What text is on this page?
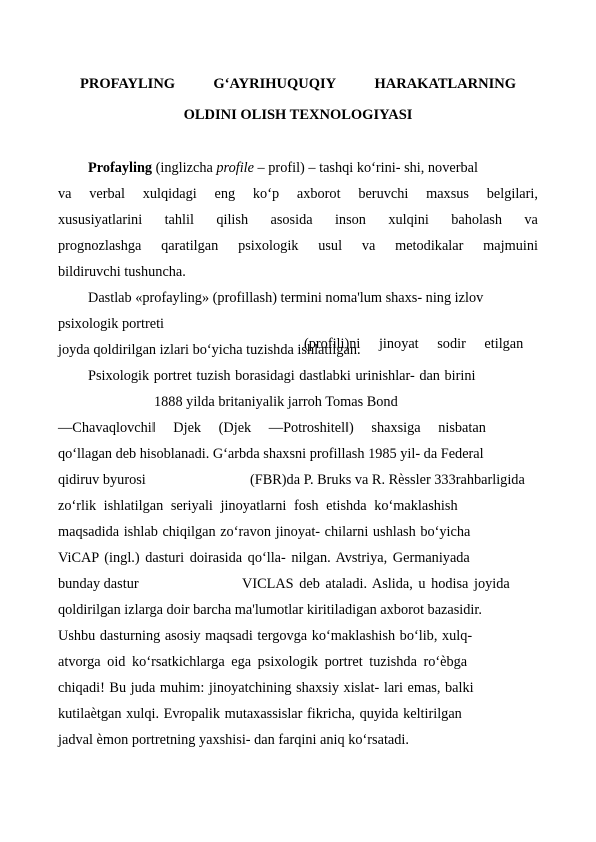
PROFAYLING	G‘AYRIHUQUQIY	HARAKATLARNING
OLDINI OLISH TEXNOLOGIYASI
Profayling (inglizcha profile – profil) – tashqi ko‘rini- shi, noverbal
va verbal xulqidagi eng ko‘p axborot beruvchi maxsus belgilari,
xususiyatlarini tahlil qilish asosida inson xulqini baholash va
prognozlashga qaratilgan psixologik usul va metodikalar majmuini
bildiruvchi tushuncha.
Dastlab «profayling» (profillash) termini noma'lum shaxs- ning izlov
psixologik portreti
(profili)ni jinoyat sodir etilgan
joyda qoldirilgan izlari bo‘yicha tuzishda ishlatilgan.
Psixologik portret tuzish borasidagi dastlabki urinishlar- dan birini
1888 yilda britaniyalik jarroh Tomas Bond
―Chavaqlovchi‖ Djek (Djek ―Potroshitel‖) shaxsiga nisbatan
qo‘llagan deb hisoblanadi. G‘arbda shaxsni profillash 1985 yil- da Federal
qidiruv byurosi	(FBR)da P. Bruks va R. Rèssler 333rahbarligida
zo‘rlik ishlatilgan seriyali jinoyatlarni fosh etishda ko‘maklashish
maqsadida ishlab chiqilgan zo‘ravon jinoyat- chilarni ushlash bo‘yicha
ViCAP (ingl.) dasturi doirasida qo‘lla- nilgan. Avstriya, Germaniyada
bunday dastur	VICLAS deb ataladi. Aslida, u hodisa joyida
qoldirilgan izlarga doir barcha ma'lumotlar kiritiladigan axborot bazasidir.
Ushbu dasturning asosiy maqsadi tergovga ko‘maklashish bo‘lib, xulq-
atvorga oid ko‘rsatkichlarga ega psixologik portret tuzishda ro‘èbga
chiqadi! Bu juda muhim: jinoyatchining shaxsiy xislat- lari emas, balki
kutilaètgan xulqi. Evropalik mutaxassislar fikricha, quyida keltirilgan
jadval èmon portretning yaxshisi- dan farqini aniq ko‘rsatadi.
